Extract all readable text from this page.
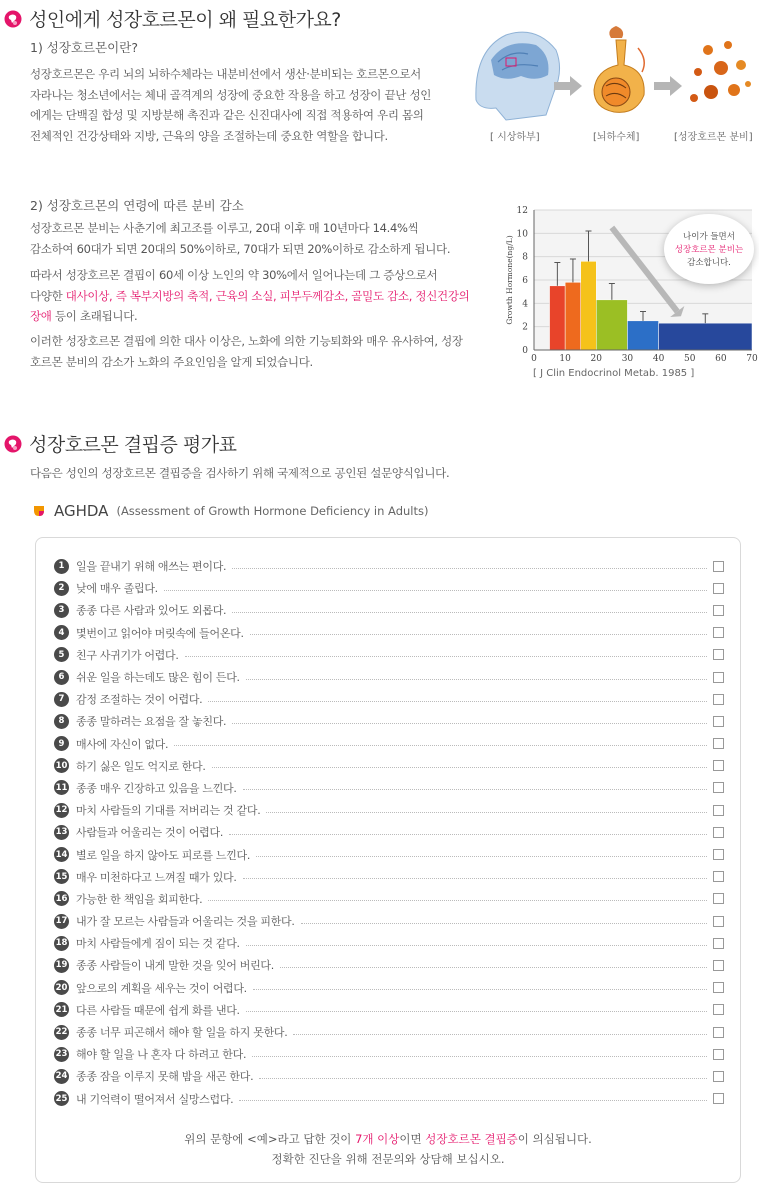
성인에게 성장호르몬이 왜 필요한가요?
1) 성장호르몬이란?
성장호르몬은 우리 뇌의 뇌하수체라는 내분비선에서 생산·분비되는 호르몬으로서
자라나는 청소년에서는 체내 골격계의 성장에 중요한 작용을 하고 성장이 끝난 성인
에게는 단백질 합성 및 지방분해 촉진과 같은 신진대사에 직접 적용하여 우리 몸의
전체적인 건강상태와 지방, 근육의 양을 조절하는데 중요한 역할을 합니다.	[ 시상하부]	[뇌하수체]	[성장호르몬 분비]
2) 성장호르몬의 연령에 따른 분비 감소
성장호르몬 분비는 사춘기에 최고조를 이루고, 20대 이후 매 10년마다 14.4%씩
감소하여 60대가 되면 20대의 50%이하로, 70대가 되면 20%이하로 감소하게 됩니다.
따라서 성장호르몬 결핍이 60세 이상 노인의 약 30%에서 일어나는데 그 증상으로서
다양한 대사이상, 즉 복부지방의 축적, 근육의 소실, 피부두께감소, 골밀도 감소, 정신건강의
장애 등이 초래됩니다.
이러한 성장호르몬 결핍에 의한 대사 이상은, 노화에 의한 기능퇴화와 매우 유사하여, 성장
호르몬 분비의 감소가 노화의 주요인임을 알게 되었습니다.
0
2
4
6
8
10
12
0	10 20 30 40 50 60 70
Growth Hormone(ng/L)	나이가 들면서
성장호르몬 분비는
감소합니다.
[ J Clin Endocrinol Metab. 1985 ]
성장호르몬 결핍증 평가표
다음은 성인의 성장호르몬 결핍증을 검사하기 위해 국제적으로 공인된 설문양식입니다.
AGHDA (Assessment of Growth Hormone Deficiency in Adults)
1	일을 끝내기 위해 애쓰는 편이다.
2	낮에 매우 졸립다.
3	종종 다른 사람과 있어도 외롭다.
4	몇번이고 읽어야 머릿속에 들어온다.
5	친구 사귀기가 어렵다.
6	쉬운 일을 하는데도 많은 힘이 든다.
7	감정 조절하는 것이 어렵다.
8	종종 말하려는 요점을 잘 놓친다.
9	매사에 자신이 없다.
10 하기 싫은 일도 억지로 한다.
11 종종 매우 긴장하고 있음을 느낀다.
12 마치 사람들의 기대를 저버리는 것 같다.
13 사람들과 어울리는 것이 어렵다.
14 별로 일을 하지 않아도 피로를 느낀다.
15 매우 미천하다고 느껴질 때가 있다.
16 가능한 한 책임을 회피한다.
17 내가 잘 모르는 사람들과 어울리는 것을 피한다.
18 마치 사람들에게 짐이 되는 것 같다.
19 종종 사람들이 내게 말한 것을 잊어 버린다.
20 앞으로의 계획을 세우는 것이 어렵다.
21 다른 사람들 때문에 쉽게 화를 낸다.
22 종종 너무 피곤해서 해야 할 일을 하지 못한다.
23 해야 할 일을 나 혼자 다 하려고 한다.
24 종종 잠을 이루지 못해 밤을 새곤 한다.
25 내 기억력이 떨어져서 실망스럽다.
위의 문항에 <예>라고 답한 것이 7개 이상이면 성장호르몬 결핍증이 의심됩니다.
정확한 진단을 위해 전문의와 상담해 보십시오.
